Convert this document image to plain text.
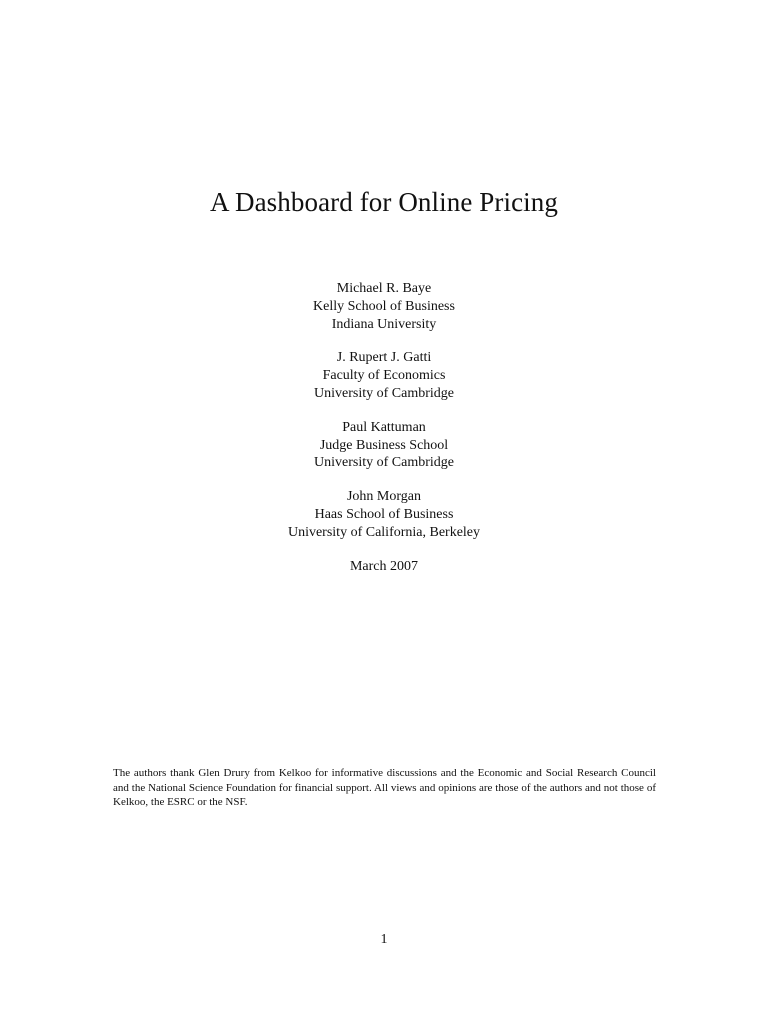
A Dashboard for Online Pricing
Michael R. Baye
Kelly School of Business
Indiana University
J. Rupert J. Gatti
Faculty of Economics
University of Cambridge
Paul Kattuman
Judge Business School
University of Cambridge
John Morgan
Haas School of Business
University of California, Berkeley
March 2007
The authors thank Glen Drury from Kelkoo for informative discussions and the Economic and Social Research Council and the National Science Foundation for financial support. All views and opinions are those of the authors and not those of Kelkoo, the ESRC or the NSF.
1
